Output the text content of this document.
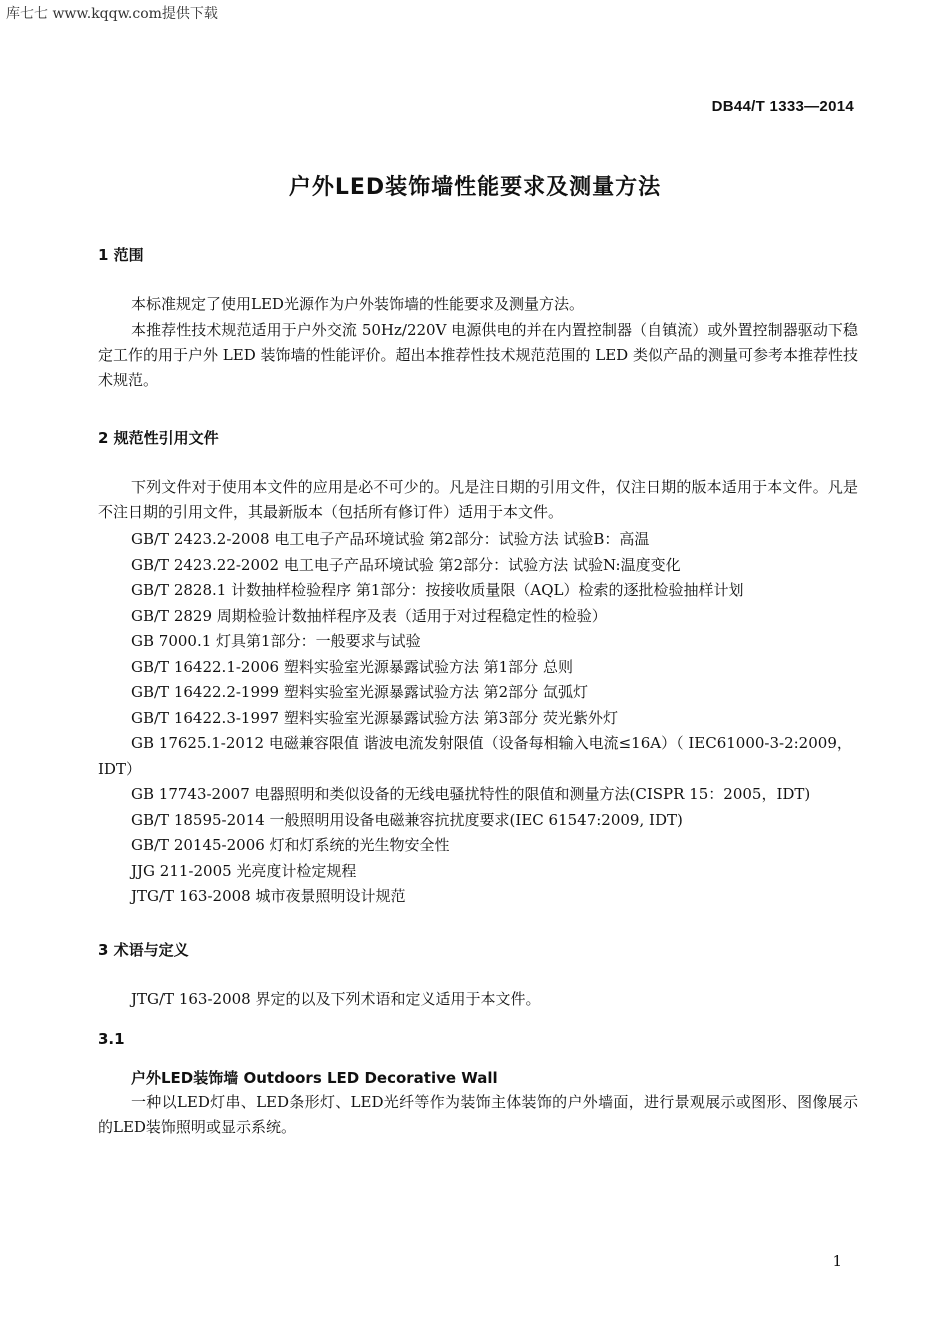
库七七 www.kqqw.com提供下载
DB44/T 1333—2014
户外LED装饰墙性能要求及测量方法
1 范围
本标准规定了使用LED光源作为户外装饰墙的性能要求及测量方法。
本推荐性技术规范适用于户外交流 50Hz/220V 电源供电的并在内置控制器（自镇流）或外置控制器驱动下稳定工作的用于户外 LED 装饰墙的性能评价。超出本推荐性技术规范范围的 LED 类似产品的测量可参考本推荐性技术规范。
2 规范性引用文件
下列文件对于使用本文件的应用是必不可少的。凡是注日期的引用文件，仅注日期的版本适用于本文件。凡是不注日期的引用文件，其最新版本（包括所有修订件）适用于本文件。
GB/T 2423.2-2008 电工电子产品环境试验 第2部分：试验方法 试验B：高温
GB/T 2423.22-2002 电工电子产品环境试验 第2部分：试验方法 试验N:温度变化
GB/T 2828.1 计数抽样检验程序 第1部分：按接收质量限（AQL）检索的逐批检验抽样计划
GB/T 2829 周期检验计数抽样程序及表（适用于对过程稳定性的检验）
GB 7000.1 灯具第1部分：一般要求与试验
GB/T 16422.1-2006 塑料实验室光源暴露试验方法 第1部分 总则
GB/T 16422.2-1999 塑料实验室光源暴露试验方法 第2部分 氙弧灯
GB/T 16422.3-1997 塑料实验室光源暴露试验方法 第3部分 荧光紫外灯
GB 17625.1-2012 电磁兼容限值 谐波电流发射限值（设备每相输入电流≤16A）（ IEC61000-3-2:2009，IDT）
GB 17743-2007 电器照明和类似设备的无线电骚扰特性的限值和测量方法(CISPR 15：2005，IDT)
GB/T 18595-2014 一般照明用设备电磁兼容抗扰度要求(IEC 61547:2009, IDT)
GB/T 20145-2006 灯和灯系统的光生物安全性
JJG 211-2005 光亮度计检定规程
JTG/T 163-2008 城市夜景照明设计规范
3 术语与定义
JTG/T 163-2008 界定的以及下列术语和定义适用于本文件。
3.1
户外LED装饰墙 Outdoors LED Decorative Wall
一种以LED灯串、LED条形灯、LED光纤等作为装饰主体装饰的户外墙面，进行景观展示或图形、图像展示的LED装饰照明或显示系统。
1
